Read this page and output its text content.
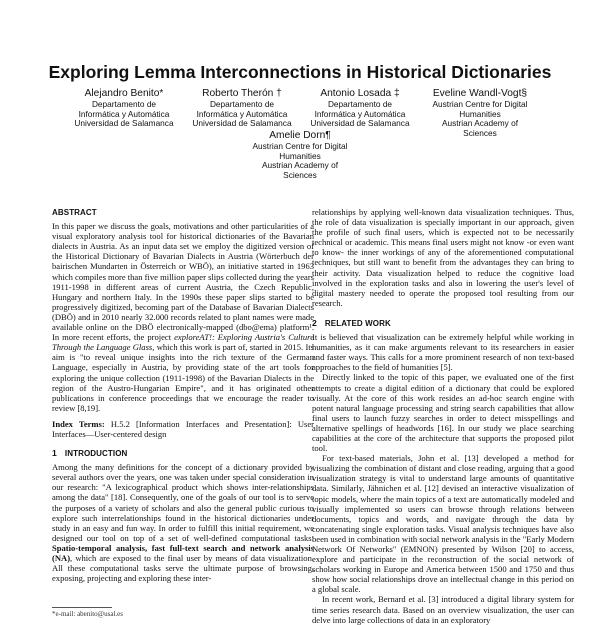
Exploring Lemma Interconnections in Historical Dictionaries
Alejandro Benito*
Departamento de
Informática y Automática
Universidad de Salamanca
Roberto Therón †
Departamento de
Informática y Automática
Universidad de Salamanca
Antonio Losada ‡
Departamento de
Informática y Automática
Universidad de Salamanca
Eveline Wandl-Vogt§
Austrian Centre for Digital
Humanities
Austrian Academy of
Sciences
Amelie Dorn¶
Austrian Centre for Digital
Humanities
Austrian Academy of
Sciences
ABSTRACT

In this paper we discuss the goals, motivations and other particularities of a visual exploratory analysis tool for historical dictionaries of the Bavarian dialects in Austria. As an input data set we employ the digitized version of the Historical Dictionary of Bavarian Dialects in Austria (Wörterbuch der bairischen Mundarten in Österreich or WBÖ), an initiative started in 1963 which compiles more than five million paper slips collected during the years 1911-1998 in different areas of current Austria, the Czech Republic, Hungary and northern Italy. In the 1990s these paper slips started to be progressively digitized, becoming part of the Database of Bavarian Dialects (DBÖ) and in 2010 nearly 32.000 records related to plant names were made available online on the DBÖ electronically-mapped (dbo@ema) platform¹. In more recent efforts, the project exploreAT!: Exploring Austria's Culture Through the Language Glass, which this work is part of, started in 2015. Its aim is "to reveal unique insights into the rich texture of the German Language, especially in Austria, by providing state of the art tools for exploring the unique collection (1911-1998) of the Bavarian Dialects in the region of the Austro-Hungarian Empire", and it has originated other publications in conference proceedings that we encourage the reader to review [8,19].

Index Terms: H.5.2 [Information Interfaces and Presentation]: User Interfaces—User-centered design

1 INTRODUCTION

Among the many definitions for the concept of a dictionary provided by several authors over the years, one was taken under special consideration in our research: "A lexicographical product which shows inter-relationships among the data" [18]. Consequently, one of the goals of our tool is to serve the purposes of a variety of scholars and also the general public curious to explore such interrelationships found in the historical dictionaries under study in an easy and fun way. In order to fulfill this initial requirement, we designed our tool on top of a set of well-defined computational tasks: Spatio-temporal analysis, fast full-text search and network analysis (NA), which are exposed to the final user by means of data visualization. All these computational tasks serve the ultimate purpose of browsing, exposing, projecting and exploring these inter-

relationships by applying well-known data visualization techniques. Thus, the role of data visualization is specially important in our approach, given the profile of such final users, which is expected not to be necessarily technical or academic. This means final users might not know -or even want to know- the inner workings of any of the aforementioned computational techniques, but still want to benefit from the advantages they can bring to their activity. Data visualization helped to reduce the cognitive load involved in the exploration tasks and also in lowering the user's level of digital mastery needed to operate the proposed tool resulting from our research.

2 RELATED WORK

It is believed that visualization can be extremely helpful while working in humanities, as it can make arguments relevant to its researchers in easier and faster ways. This calls for a more prominent research of non text-based approaches to the field of humanities [5].

Directly linked to the topic of this paper, we evaluated one of the first attempts to create a digital edition of a dictionary that could be explored visually. At the core of this work resides an ad-hoc search engine with potent natural language processing and string search capabilities that allow final users to launch fuzzy searches in order to detect misspellings and alternative spellings of headwords [16]. In our study we place searching capabilities at the core of the architecture that supports the proposed pilot tool.

For text-based materials, John et al. [13] developed a method for visualizing the combination of distant and close reading, arguing that a good visualization strategy is vital to understand large amounts of quantitative data. Similarly, Jähnichen et al. [12] devised an interactive visualization of topic models, where the main topics of a text are automatically modeled and visually implemented so users can browse through relations between documents, topics and words, and navigate through the data by concatenating single exploration tasks. Visual analysis techniques have also been used in combination with social network analysis in the "Early Modern Network Of Networks" (EMNON) presented by Wilson [20] to access, explore and participate in the reconstruction of the social network of scholars working in Europe and America between 1500 and 1750 and thus show how social relationships drove an intellectual change in this period on a global scale.

In recent work, Bernard et al. [3] introduced a digital library system for time series research data. Based on an overview visualization, the user can delve into large collections of data in an exploratory

*e-mail: abenito@usal.es
